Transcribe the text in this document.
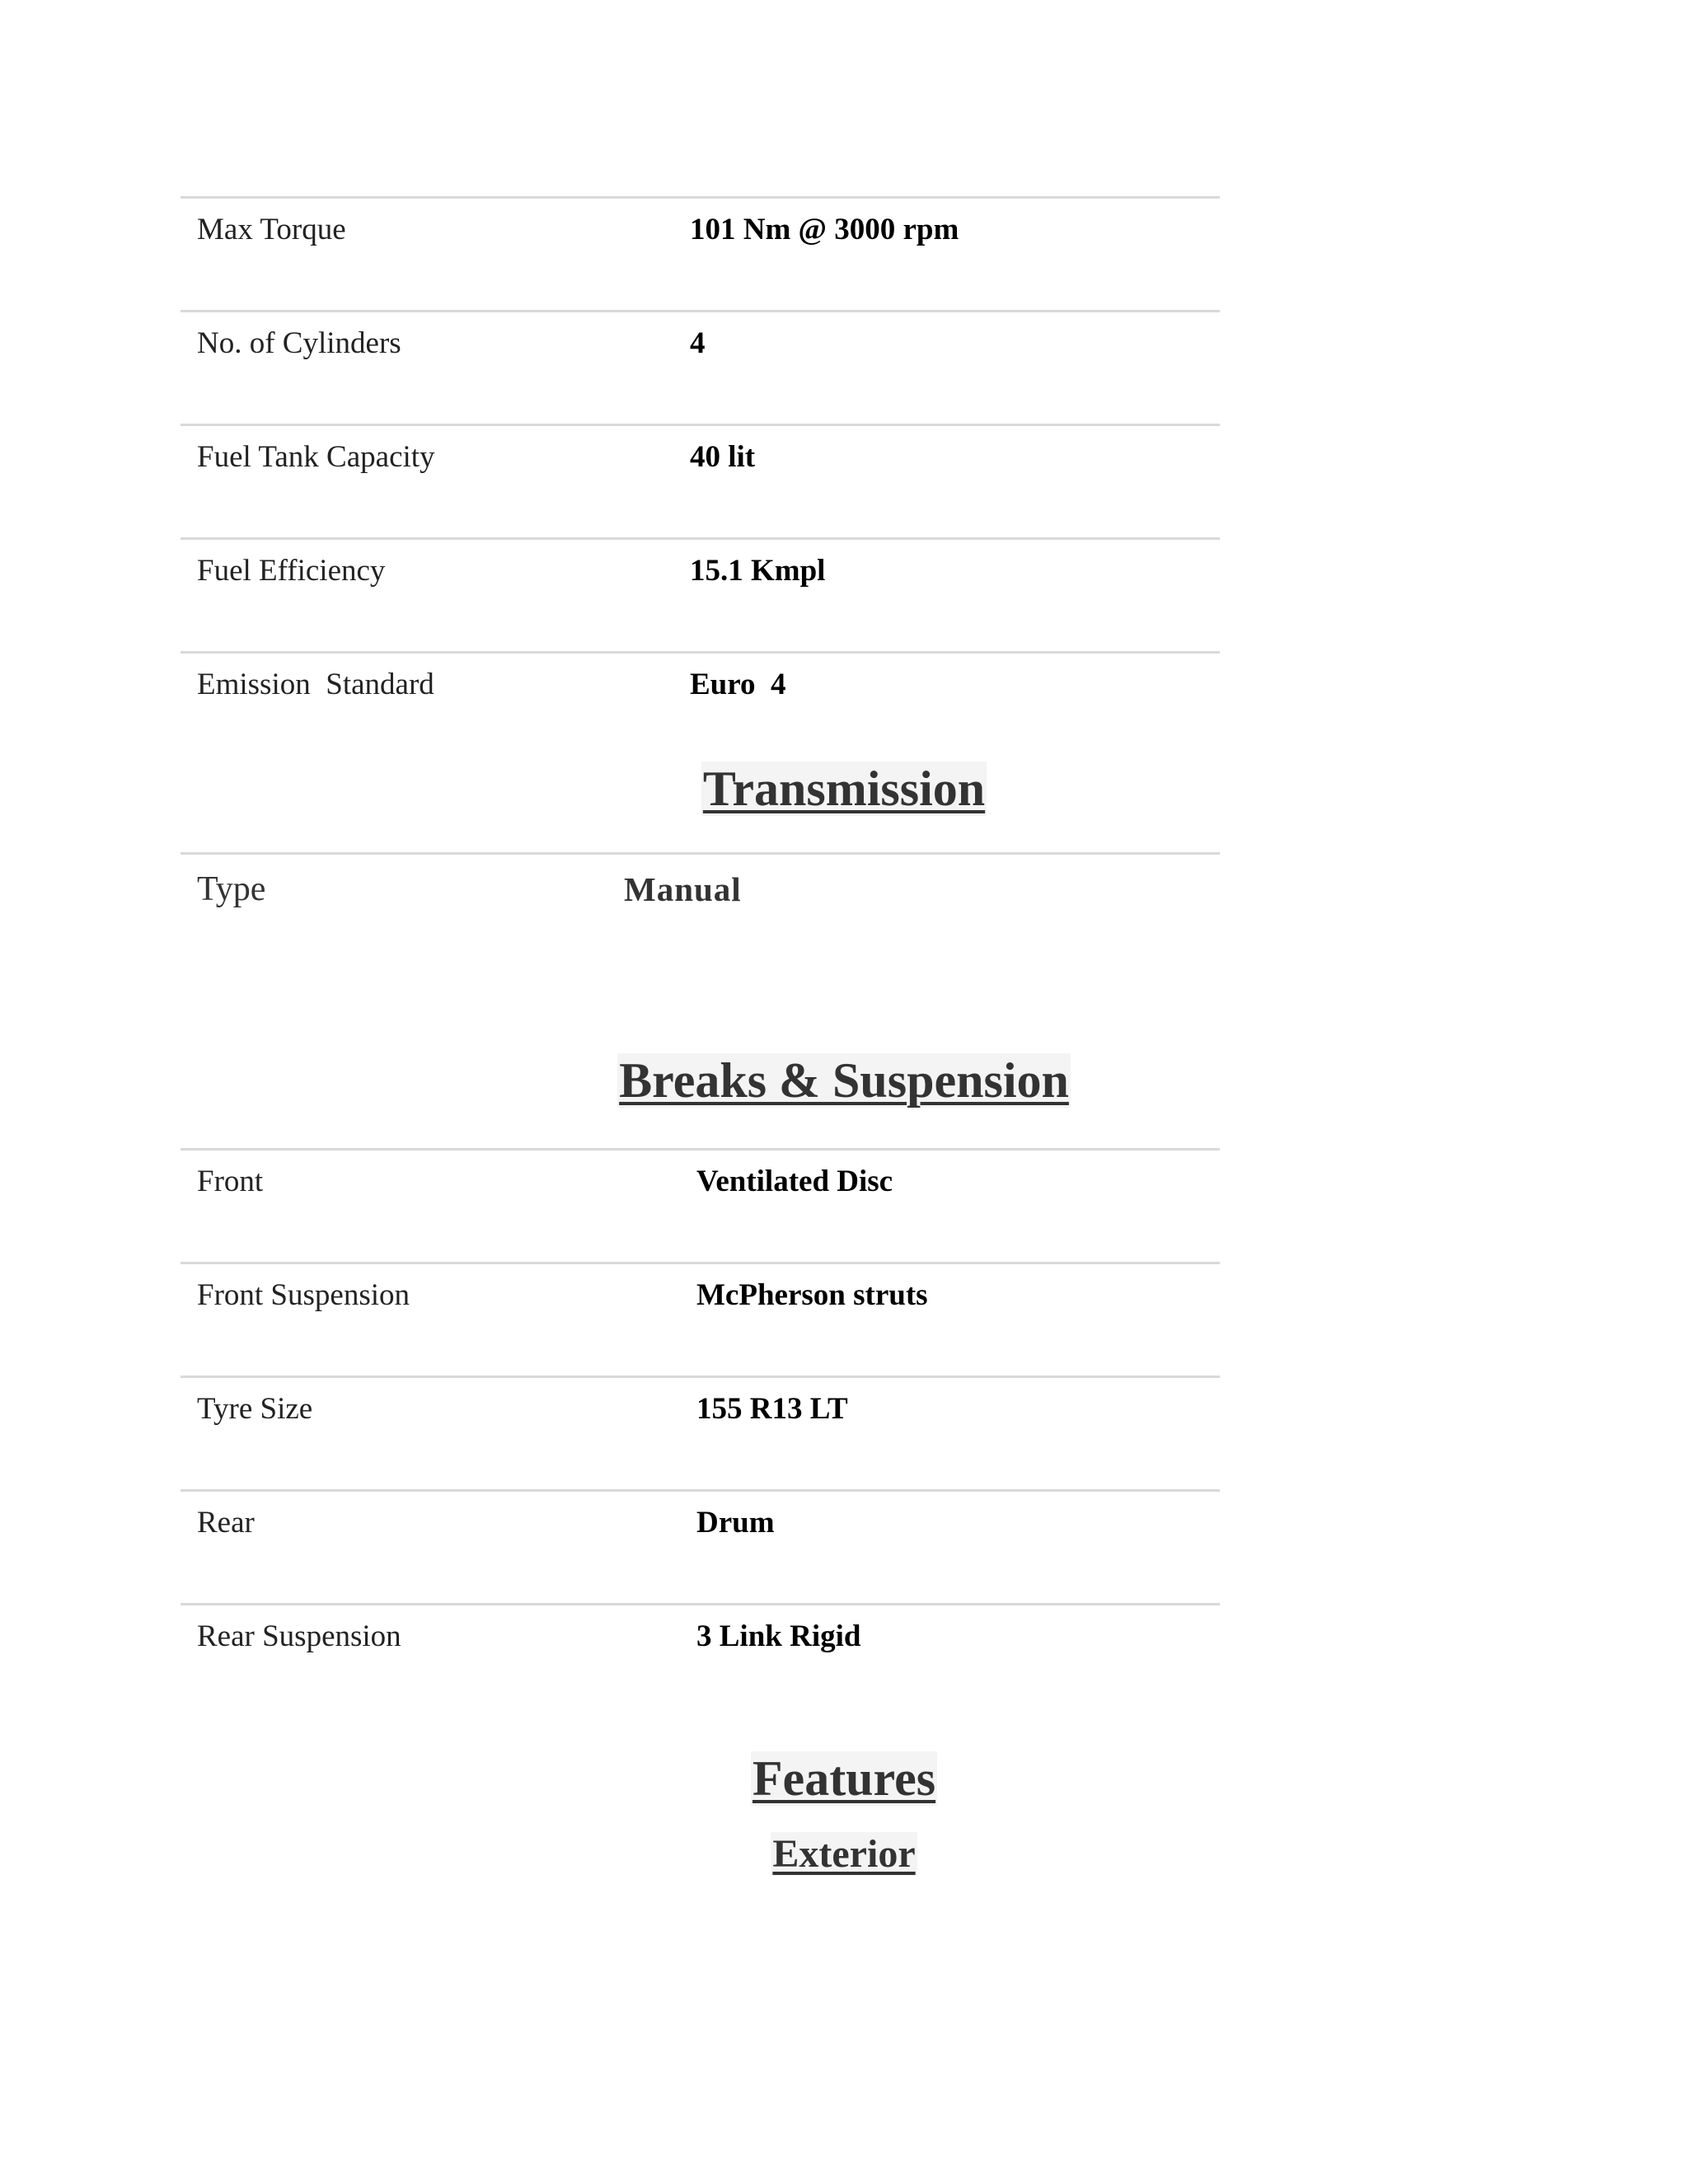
Max Torque	101 Nm @ 3000 rpm
No. of Cylinders	4
Fuel Tank Capacity	40 lit
Fuel Efficiency	15.1 Kmpl
Emission  Standard	Euro  4
Transmission
Type	Manual
Breaks & Suspension
Front	Ventilated Disc
Front Suspension	McPherson struts
Tyre Size	155 R13 LT
Rear	Drum
Rear Suspension	3 Link Rigid
Features
Exterior
